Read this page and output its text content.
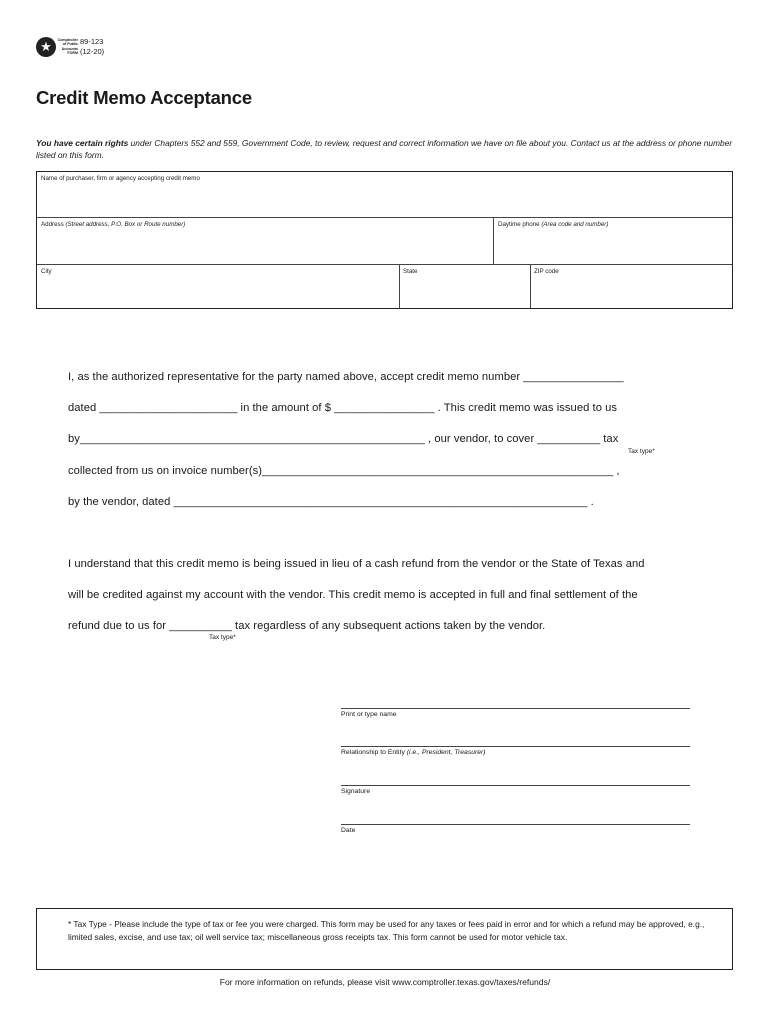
★	Comptroller
of Public
Accounts
FORM
89-123
(12-20)
Credit Memo Acceptance
You have certain rights under Chapters 552 and 559, Government Code, to review, request and correct information we have on file about you. Contact us at the address or phone number listed on this form.
Name of purchaser, firm or agency accepting credit memo
Address (Street address, P.O. Box or Route number)	Daytime phone (Area code and number)
City	State	ZIP code
I, as the authorized representative for the party named above, accept credit memo number ________________
dated ______________________ in the amount of $ ________________ . This credit memo was issued to us
by_______________________________________________________ , our vendor, to cover __________ tax
Tax type*
collected from us on invoice number(s)________________________________________________________ ,
by the vendor, dated __________________________________________________________________ .
I understand that this credit memo is being issued in lieu of a cash refund from the vendor or the State of Texas and
will be credited against my account with the vendor. This credit memo is accepted in full and final settlement of the
refund due to us for __________ tax regardless of any subsequent actions taken by the vendor.
Tax type*
Print or type name
Relationship to Entity (i.e., President, Treasurer)
Signature
Date
* Tax Type - Please include the type of tax or fee you were charged. This form may be used for any taxes or fees paid in error and for which a refund may be approved, e.g., limited sales, excise, and use tax; oil well service tax; miscellaneous gross receipts tax. This form cannot be used for motor vehicle tax.
For more information on refunds, please visit www.comptroller.texas.gov/taxes/refunds/
